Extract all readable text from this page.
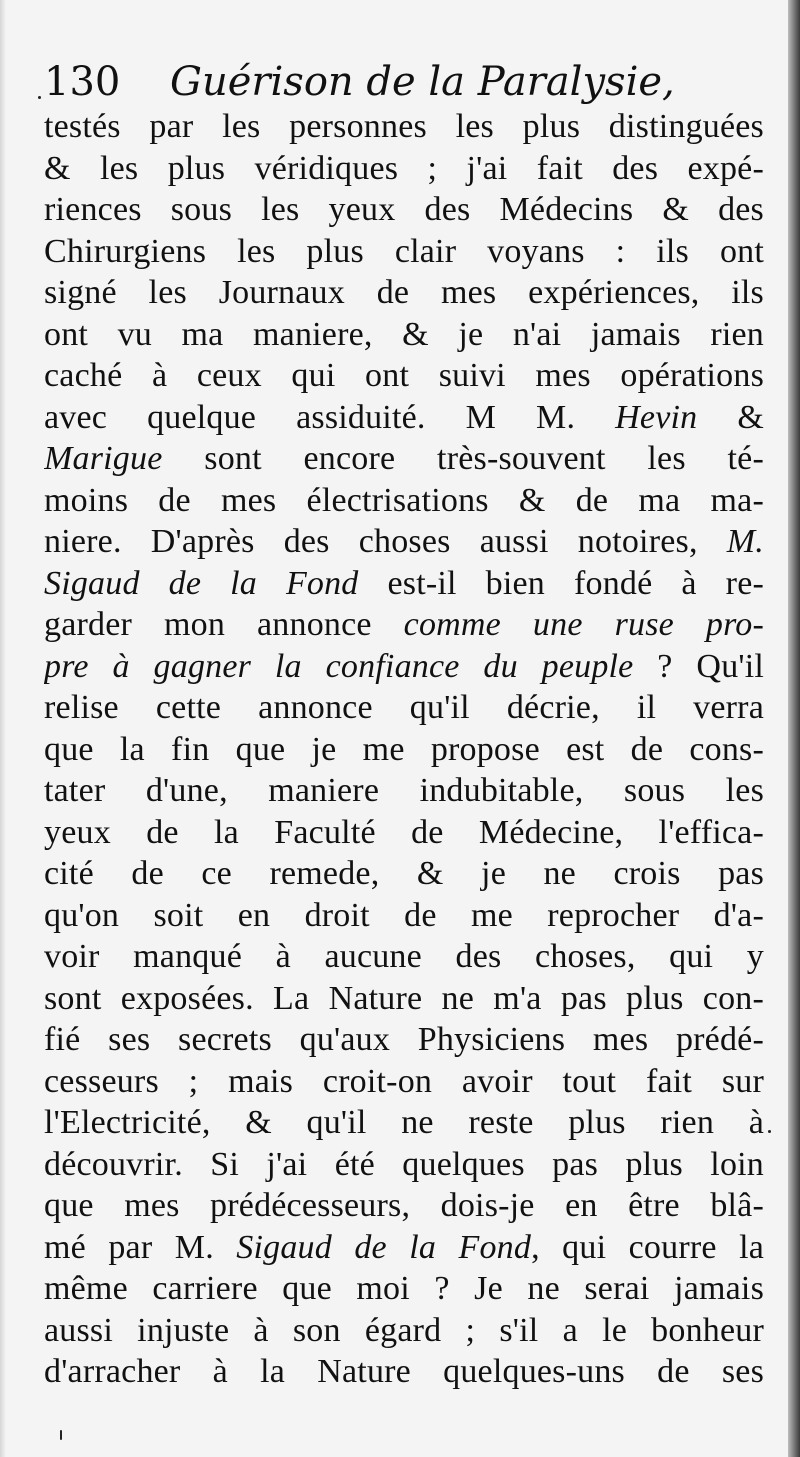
130 Guérison de la Paralysie,
testés par les personnes les plus distinguées
& les plus véridiques ; j'ai fait des expé-
riences sous les yeux des Médecins & des
Chirurgiens les plus clair voyans : ils ont
signé les Journaux de mes expériences, ils
ont vu ma maniere, & je n'ai jamais rien
caché à ceux qui ont suivi mes opérations
avec quelque assiduité. M M. Hevin &
Marigue sont encore très-souvent les té-
moins de mes électrisations & de ma ma-
niere. D'après des choses aussi notoires, M.
Sigaud de la Fond est-il bien fondé à re-
garder mon annonce comme une ruse pro-
pre à gagner la confiance du peuple ? Qu'il
relise cette annonce qu'il décrie, il verra
que la fin que je me propose est de cons-
tater d'une, maniere indubitable, sous les
yeux de la Faculté de Médecine, l'effica-
cité de ce remede, & je ne crois pas
qu'on soit en droit de me reprocher d'a-
voir manqué à aucune des choses, qui y
sont exposées. La Nature ne m'a pas plus con-
fié ses secrets qu'aux Physiciens mes prédé-
cesseurs ; mais croit-on avoir tout fait sur
l'Electricité, & qu'il ne reste plus rien à
découvrir. Si j'ai été quelques pas plus loin
que mes prédécesseurs, dois-je en être blâ-
mé par M. Sigaud de la Fond, qui courre la
même carriere que moi ? Je ne serai jamais
aussi injuste à son égard ; s'il a le bonheur
d'arracher à la Nature quelques-uns de ses
